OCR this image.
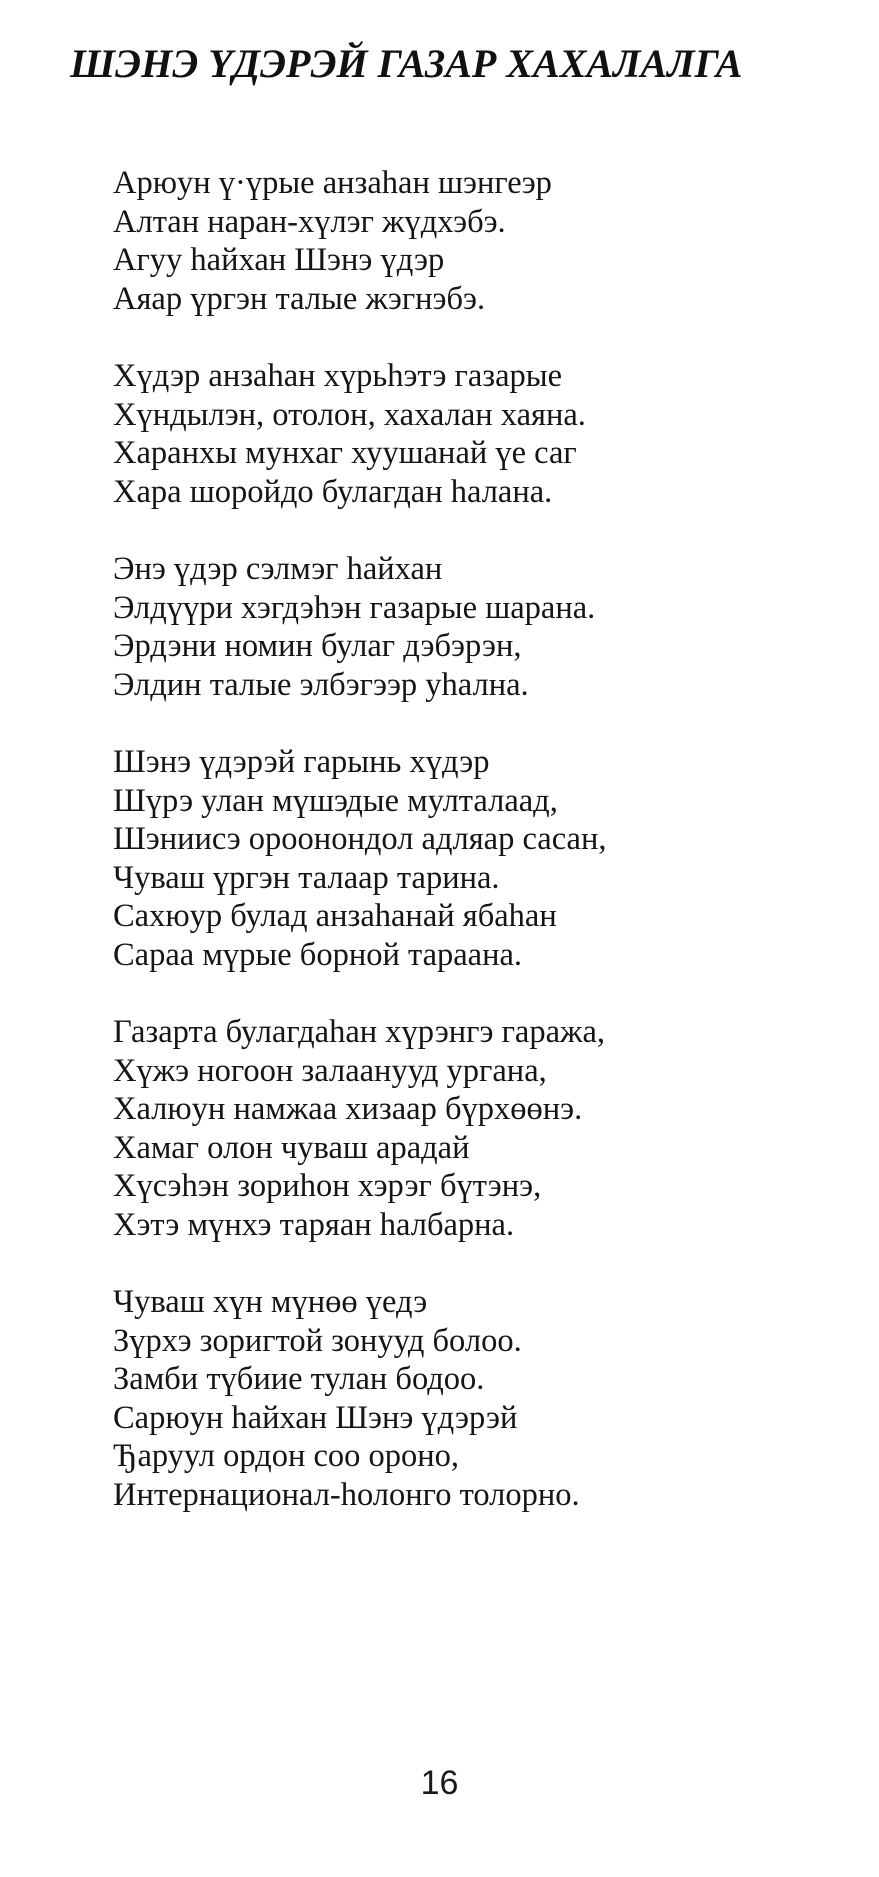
ШЭНЭ ҮДЭРЭЙ ГАЗАР ХАХАЛАЛГА
Арюун ү·үрые анзаһан шэнгеэр
Алтан наран-хүлэг жүдхэбэ.
Агуу һайхан Шэнэ үдэр
Аяар үргэн талые жэгнэбэ.
Хүдэр анзаһан хүрьһэтэ газарые
Хүндылэн, отолон, хахалан хаяна.
Харанхы мунхаг хуушанай үе саг
Хара шоройдо булагдан һалана.
Энэ үдэр сэлмэг һайхан
Элдүүри хэгдэһэн газарые шарана.
Эрдэни номин булаг дэбэрэн,
Элдин талые элбэгээр уһална.
Шэнэ үдэрэй гарынь хүдэр
Шүрэ улан мүшэдые мулталаад,
Шэниисэ ороонондол адляар сасан,
Чуваш үргэн талаар тарина.
Сахюур булад анзаһанай ябаһан
Сараа мүрые борной тараана.
Газарта булагдаһан хүрэнгэ гаража,
Хүжэ ногоон залаанууд ургана,
Халюун намжаа хизаар бүрхөөнэ.
Хамаг олон чуваш арадай
Хүсэһэн зориһон хэрэг бүтэнэ,
Хэтэ мүнхэ таряан һалбарна.
Чуваш хүн мүнөө үедэ
Зүрхэ зоригтой зонууд болоо.
Замби түбиие тулан бодоо.
Сарюун һайхан Шэнэ үдэрэй
Ђаруул ордон соо ороно,
Интернационал-һолонго толорно.
16
